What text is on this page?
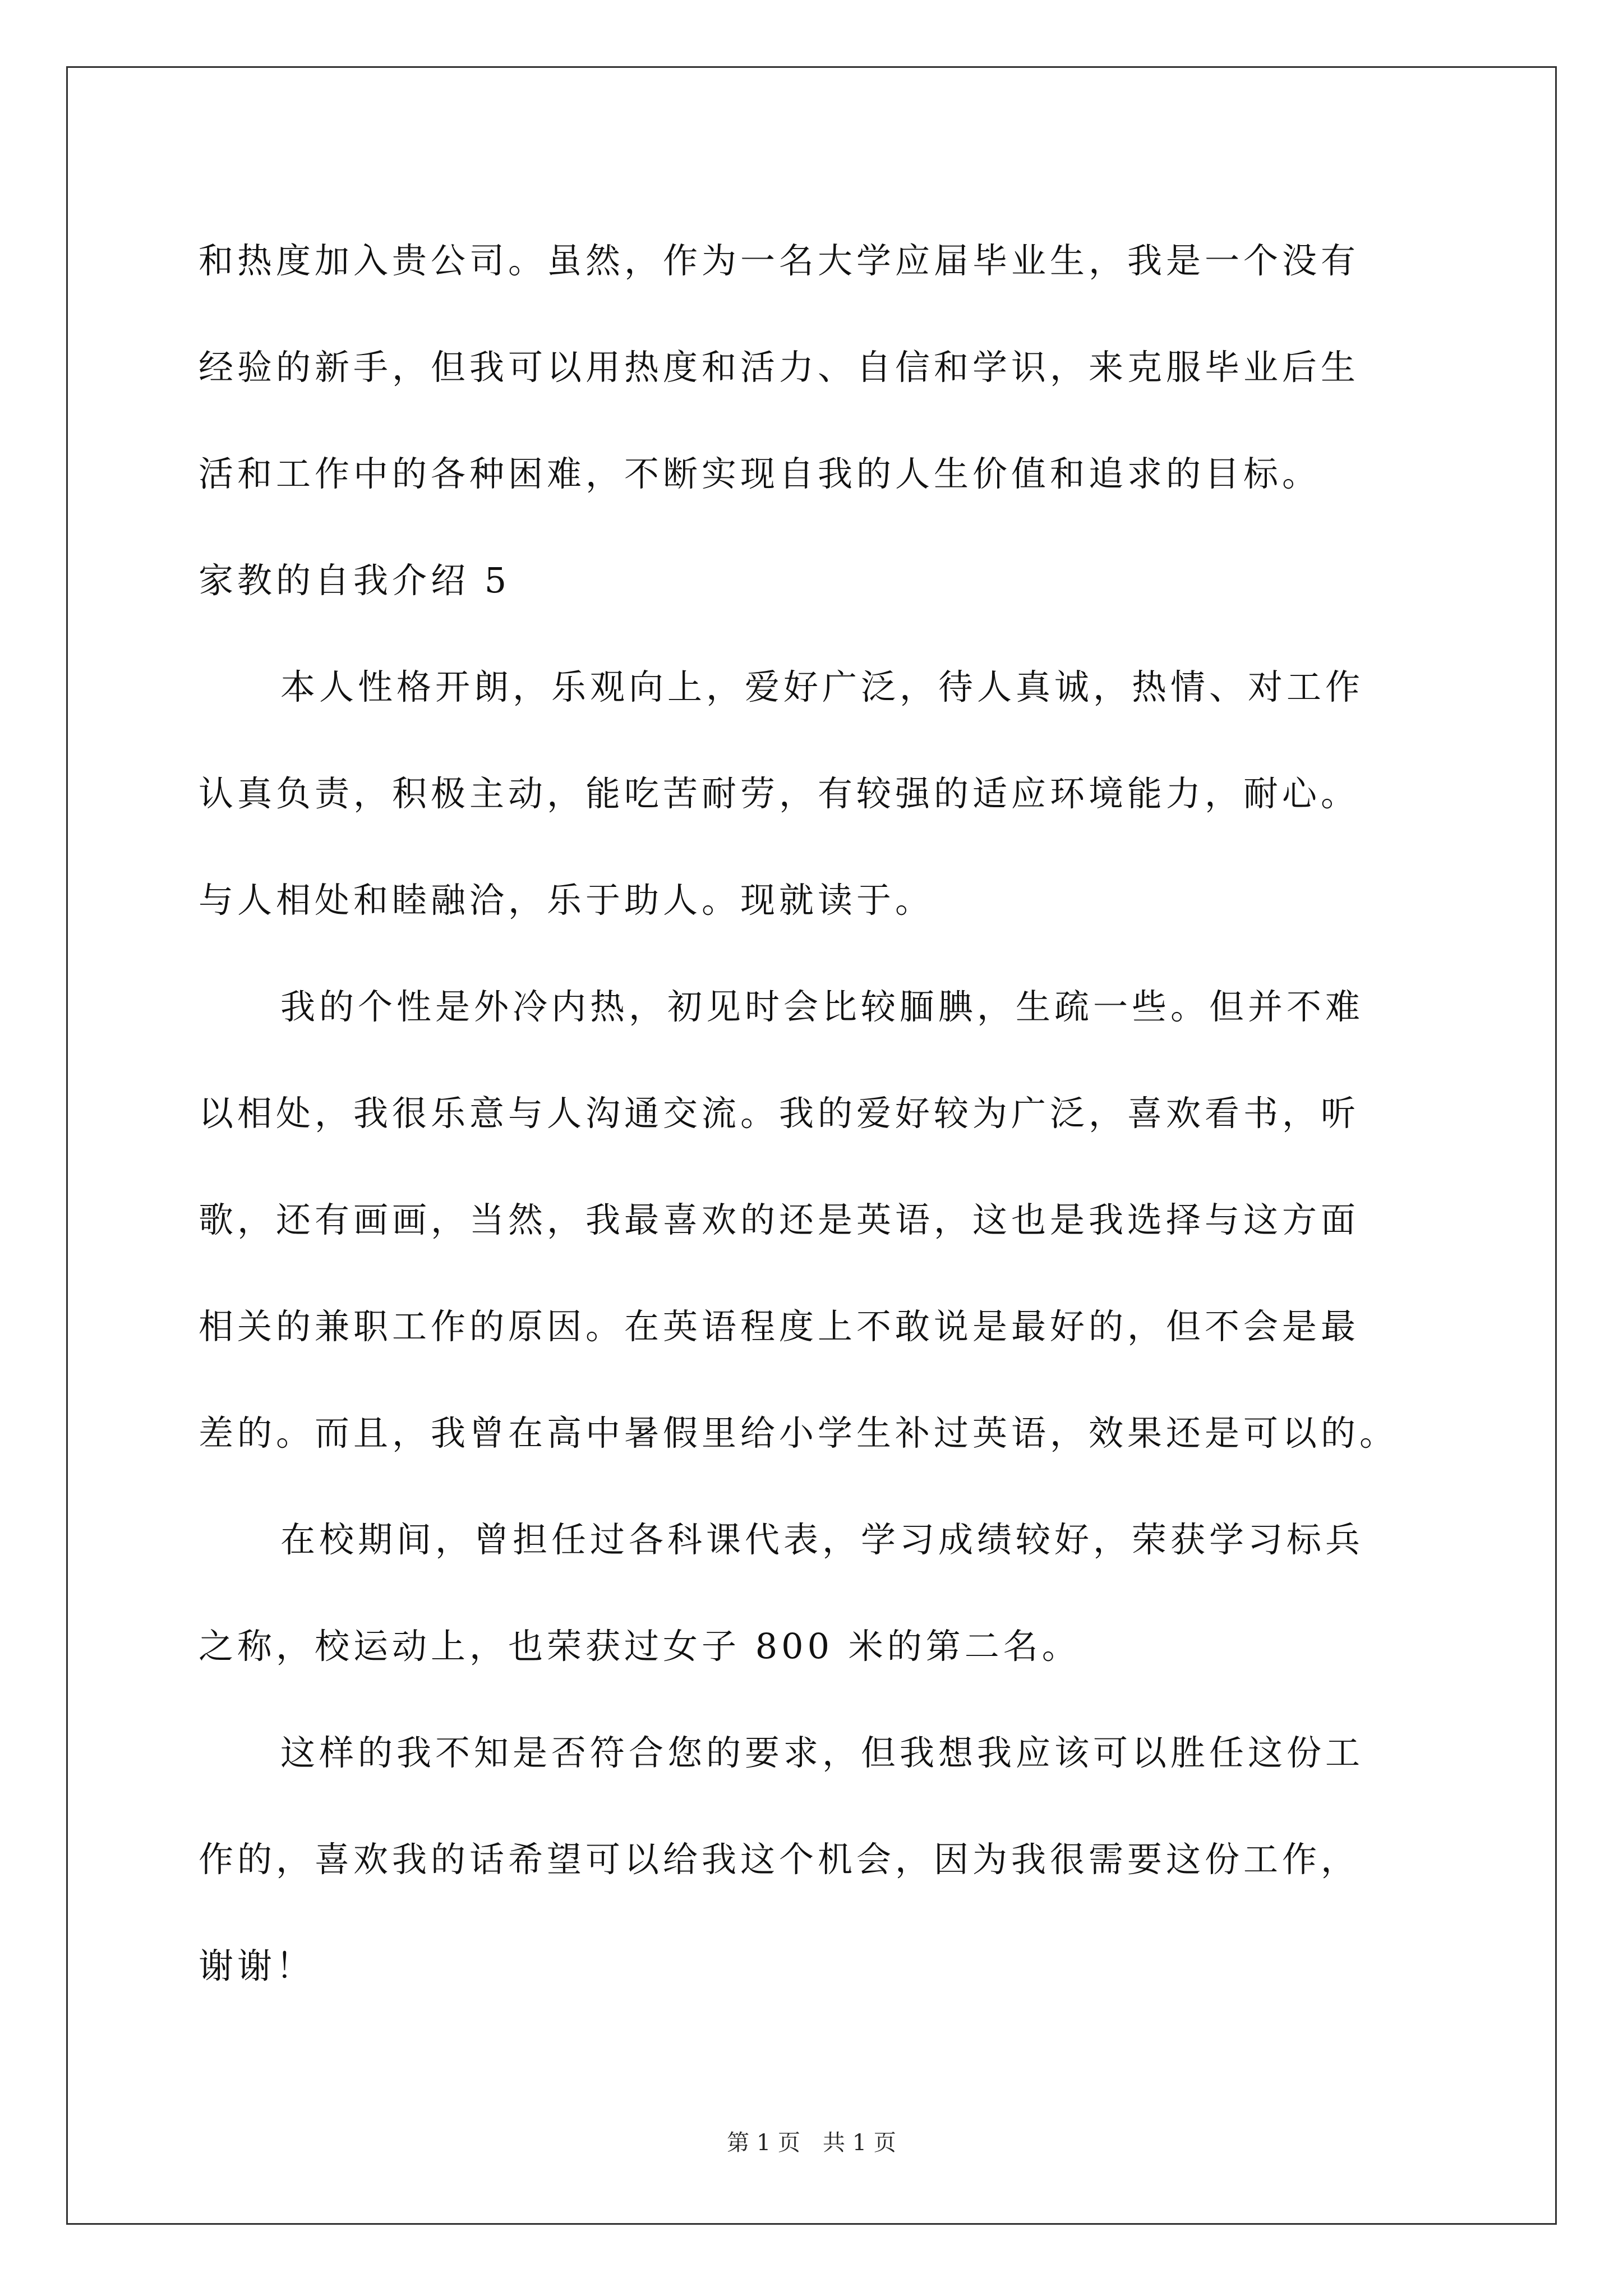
和热度加入贵公司。虽然，作为一名大学应届毕业生，我是一个没有
经验的新手，但我可以用热度和活力、自信和学识，来克服毕业后生
活和工作中的各种困难，不断实现自我的人生价值和追求的目标。
家教的自我介绍 5
本人性格开朗，乐观向上，爱好广泛，待人真诚，热情、对工作
认真负责，积极主动，能吃苦耐劳，有较强的适应环境能力，耐心。
与人相处和睦融洽，乐于助人。现就读于。
我的个性是外冷内热，初见时会比较腼腆，生疏一些。但并不难
以相处，我很乐意与人沟通交流。我的爱好较为广泛，喜欢看书，听
歌，还有画画，当然，我最喜欢的还是英语，这也是我选择与这方面
相关的兼职工作的原因。在英语程度上不敢说是最好的，但不会是最
差的。而且，我曾在高中暑假里给小学生补过英语，效果还是可以的。
在校期间，曾担任过各科课代表，学习成绩较好，荣获学习标兵
之称，校运动上，也荣获过女子 800 米的第二名。
这样的我不知是否符合您的要求，但我想我应该可以胜任这份工
作的，喜欢我的话希望可以给我这个机会，因为我很需要这份工作，
谢谢！
第 1 页 共 1 页
